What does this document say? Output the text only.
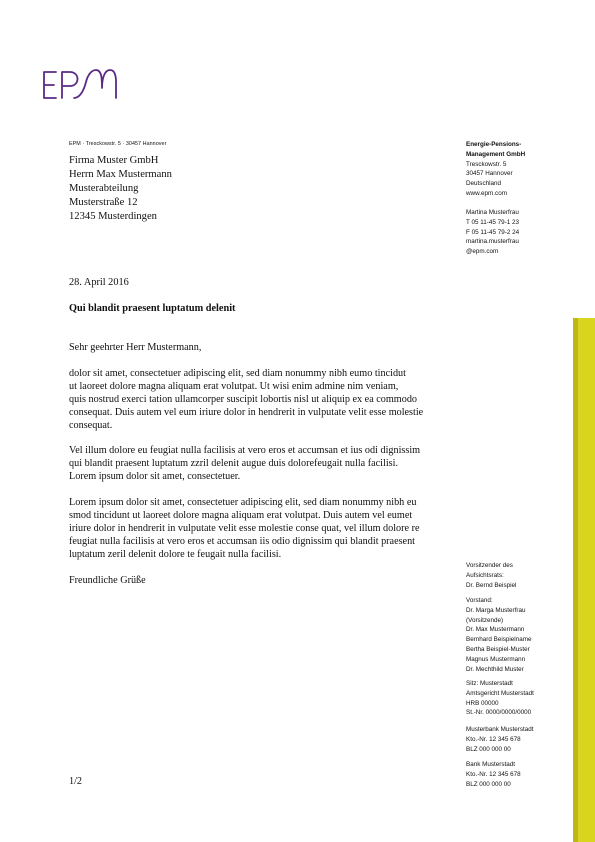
EPM · Tresckowstr. 5 · 30457 Hannover
Firma Muster GmbH
Herrn Max Mustermann
Musterabteilung
Musterstraße 12
12345 Musterdingen
28. April 2016
Qui blandit praesent luptatum delenit

Sehr geehrter Herr Mustermann,

dolor sit amet, consectetuer adipiscing elit, sed diam nonummy nibh eumo tincidut

ut laoreet dolore magna aliquam erat volutpat. Ut wisi enim admine nim veniam,

quis nostrud exerci tation ullamcorper suscipit lobortis nisl ut aliquip ex ea commodo

consequat. Duis autem vel eum iriure dolor in hendrerit in vulputate velit esse molestie

consequat.

Vel illum dolore eu feugiat nulla facilisis at vero eros et accumsan et ius odi dignissim

qui blandit praesent luptatum zzril delenit augue duis dolorefeugait nulla facilisi.

Lorem ipsum dolor sit amet, consectetuer.

Lorem ipsum dolor sit amet, consectetuer adipiscing elit, sed diam nonummy nibh eu

smod tincidunt ut laoreet dolore magna aliquam erat volutpat. Duis autem vel eumet

iriure dolor in hendrerit in vulputate velit esse molestie conse quat, vel illum dolore re

feugiat nulla facilisis at vero eros et accumsan iis odio dignissim qui blandit praesent

luptatum zeril delenit dolore te feugait nulla facilisi.

Freundliche Grüße
1/2
Energie-Pensions-
Management GmbH
Tresckowstr. 5
30457 Hannover
Deutschland
www.epm.com
Martina Musterfrau
T 05 11-45 79-1 23
F 05 11-45 79-2 24
martina.musterfrau
@epm.com
Vorsitzender des
Aufsichtsrats:
Dr. Bernd Beispiel
Vorstand:
Dr. Marga Musterfrau
(Vorsitzende)
Dr. Max Mustermann
Bernhard Beispielname
Bertha Beispiel-Muster
Magnus Mustermann
Dr. Mechthild Muster
Sitz: Musterstadt
Amtsgericht Musterstadt
HRB 00000
St.-Nr. 0000/0000/0000
Musterbank Musterstadt
Kto.-Nr. 12 345 678
BLZ 000 000 00
Bank Musterstadt
Kto.-Nr. 12 345 678
BLZ 000 000 00
